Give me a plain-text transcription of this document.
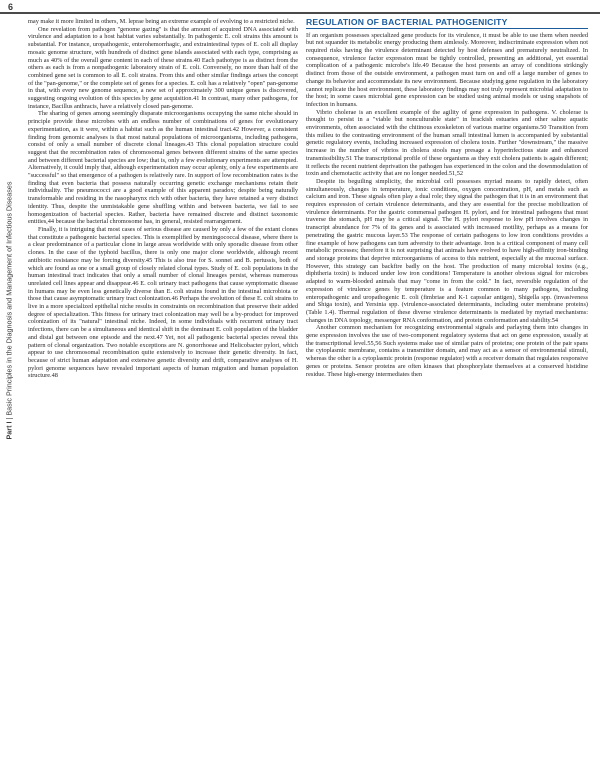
6
Part I | Basic Principles in the Diagnosis and Management of Infectious Diseases

may make it more limited in others, M. leprae being an extreme example of evolving to a restricted niche.

One revelation from pathogen "genome gazing" is that the amount of acquired DNA associated with virulence and adaptation to a host habitat varies substantially. In pathogenic E. coli strains this amount is substantial. For instance, uropathogenic, enterohemorrhagic, and extraintestinal types of E. coli all display mosaic genome structure, with hundreds of distinct gene islands associated with each type, comprising as much as 40% of the overall gene content in each of these strains.40 Each pathotype is as distinct from the others as each is from a nonpathogenic laboratory strain of E. coli. Conversely, no more than half of the combined gene set is common to all E. coli strains. From this and other similar findings arises the concept of the "pan-genome," or the complete set of genes for a species. E. coli has a relatively "open" pan-genome in that, with every new genome sequence, a new set of approximately 300 unique genes is discovered, suggesting ongoing evolution of this species by gene acquisition.41 In contrast, many other pathogens, for instance, Bacillus anthracis, have a relatively closed pan-genome.

The sharing of genes among seemingly disparate microorganisms occupying the same niche should in principle provide these microbes with an endless number of combinations of genes for evolutionary experimentation, as it were, within a habitat such as the human intestinal tract.42 However, a consistent finding from genomic analyses is that most natural populations of microorganisms, including pathogens, consist of only a small number of discrete clonal lineages.43 This clonal population structure could suggest that the recombination rates of chromosomal genes between different strains of the same species and between different bacterial species are low; that is, only a few evolutionary experiments are attempted. Alternatively, it could imply that, although experimentation may occur aplenty, only a few experiments are "successful" so that emergence of a pathogen is relatively rare. In support of low recombination rates is the finding that even bacteria that possess naturally occurring genetic exchange mechanisms retain their individuality. The pneumococci are a good example of this apparent paradox; despite being naturally transformable and residing in the nasopharynx rich with other bacteria, they have retained a very distinct identity. Thus, despite the unmistakable gene shuffling within and between bacteria, we fail to see homogenization of bacterial species. Rather, bacteria have remained discrete and distinct taxonomic entities,44 because the bacterial chromosome has, in general, resisted rearrangement.

Finally, it is intriguing that most cases of serious disease are caused by only a few of the extant clones that constitute a pathogenic bacterial species. This is exemplified by meningococcal disease, where there is a clear predominance of a particular clone in large areas worldwide with only sporadic disease from other clones. In the case of the typhoid bacillus, there is only one major clone worldwide, although recent antibiotic resistance may be forcing diversity.45 This is also true for S. sonnei and B. pertussis, both of which are found as one or a small group of closely related clonal types. Study of E. coli populations in the human intestinal tract indicates that only a small number of clonal lineages persist, whereas numerous unrelated cell lines appear and disappear.46 E. coli urinary tract pathogens that cause symptomatic disease in humans may be even less genetically diverse than E. coli strains found in the intestinal microbiota or those that cause asymptomatic urinary tract colonization.46 Perhaps the evolution of these E. coli strains to live in a more specialized epithelial niche results in constraints on recombination that preserve their added degree of specialization. This fitness for urinary tract colonization may well be a by-product for improved colonization of its "natural" intestinal niche. Indeed, in some individuals with recurrent urinary tract infections, there can be a simultaneous and identical shift in the dominant E. coli population of the bladder and distal gut between one episode and the next.47 Yet, not all pathogenic bacterial species reveal this pattern of clonal organization. Two notable exceptions are N. gonorrhoeae and Helicobacter pylori, which appear to use chromosomal recombination quite extensively to increase their genetic diversity. In fact, because of strict human adaptation and extensive genetic diversity and drift, comparative analyses of H. pylori genome sequences have revealed important aspects of human migration and human population structure.48

REGULATION OF BACTERIAL PATHOGENICITY

If an organism possesses specialized gene products for its virulence, it must be able to use them when needed but not squander its metabolic energy producing them aimlessly. Moreover, indiscriminate expression when not required risks having the virulence determinant detected by host defenses and prematurely neutralized. In consequence, virulence factor expression must be tightly controlled, presenting an additional, yet essential complication of a pathogenic microbe's life.49 Because the host presents an array of conditions strikingly distinct from those of the outside environment, a pathogen must turn on and off a large number of genes to change its behavior and accommodate its new environment. Because studying gene regulation in the laboratory cannot replicate the host environment, these laboratory findings may not truly represent microbial adaptation to the host; in some cases microbial gene expression can be studied using animal models or using snapshots of infection in humans.

Vibrio cholerae is an excellent example of the agility of gene expression in pathogens. V. cholerae is thought to persist in a "viable but nonculturable state" in brackish estuaries and other saline aquatic environments, often associated with the chitinous exoskeleton of various marine organisms.50 Transition from this milieu to the contrasting environment of the human small intestinal lumen is accompanied by substantial genetic regulatory events, including increased expression of cholera toxin. Further "downstream," the massive increase in the number of vibrios in cholera stools may presage a hyperinfectious state and enhanced transmissibility.51 The transcriptional profile of these organisms as they exit cholera patients is again different; it reflects the recent nutrient deprivation the pathogen has experienced in the colon and the downmodulation of toxin and chemotactic activity that are no longer needed.51,52

Despite its beguiling simplicity, the microbial cell possesses myriad means to rapidly detect, often simultaneously, changes in temperature, ionic conditions, oxygen concentration, pH, and metals such as calcium and iron. These signals often play a dual role; they signal the pathogen that it is in an environment that requires expression of certain virulence determinants, and they are essential for the precise mobilization of virulence determinants. For the gastric commensal pathogen H. pylori, and for intestinal pathogens that must traverse the stomach, pH may be a critical signal. The H. pylori response to low pH involves changes in transcript abundance for 7% of its genes and is associated with increased motility, perhaps as a means for penetrating the gastric mucous layer.53 The response of certain pathogens to low iron conditions provides a fine example of how pathogens can turn adversity to their advantage. Iron is a critical component of many cell metabolic processes; therefore it is not surprising that animals have evolved to have high-affinity iron-binding and storage proteins that deprive microorganisms of access to this nutrient, especially at the mucosal surface. However, this strategy can backfire badly on the host. The production of many microbial toxins (e.g., diphtheria toxin) is induced under low iron conditions! Temperature is another obvious signal for microbes adapted to warm-blooded animals that may "come in from the cold." In fact, reversible regulation of the expression of virulence genes by temperature is a feature common to many pathogens, including enteropathogenic and uropathogenic E. coli (fimbriae and K-1 capsular antigen), Shigella spp. (invasiveness and Shiga toxin), and Yersinia spp. (virulence-associated determinants, including outer membrane proteins) (Table 1.4). Thermal regulation of these diverse virulence determinants is mediated by myriad mechanisms: changes in DNA topology, messenger RNA conformation, and protein conformation and stability.54

Another common mechanism for recognizing environmental signals and parlaying them into changes in gene expression involves the use of two-component regulatory systems that act on gene expression, usually at the transcriptional level.55,56 Such systems make use of similar pairs of proteins; one protein of the pair spans the cytoplasmic membrane, contains a transmitter domain, and may act as a sensor of environmental stimuli, whereas the other is a cytoplasmic protein (response regulator) with a receiver domain that regulates responsive genes or proteins. Sensor proteins are often kinases that phosphorylate themselves at a conserved histidine residue. These high-energy intermediates then
